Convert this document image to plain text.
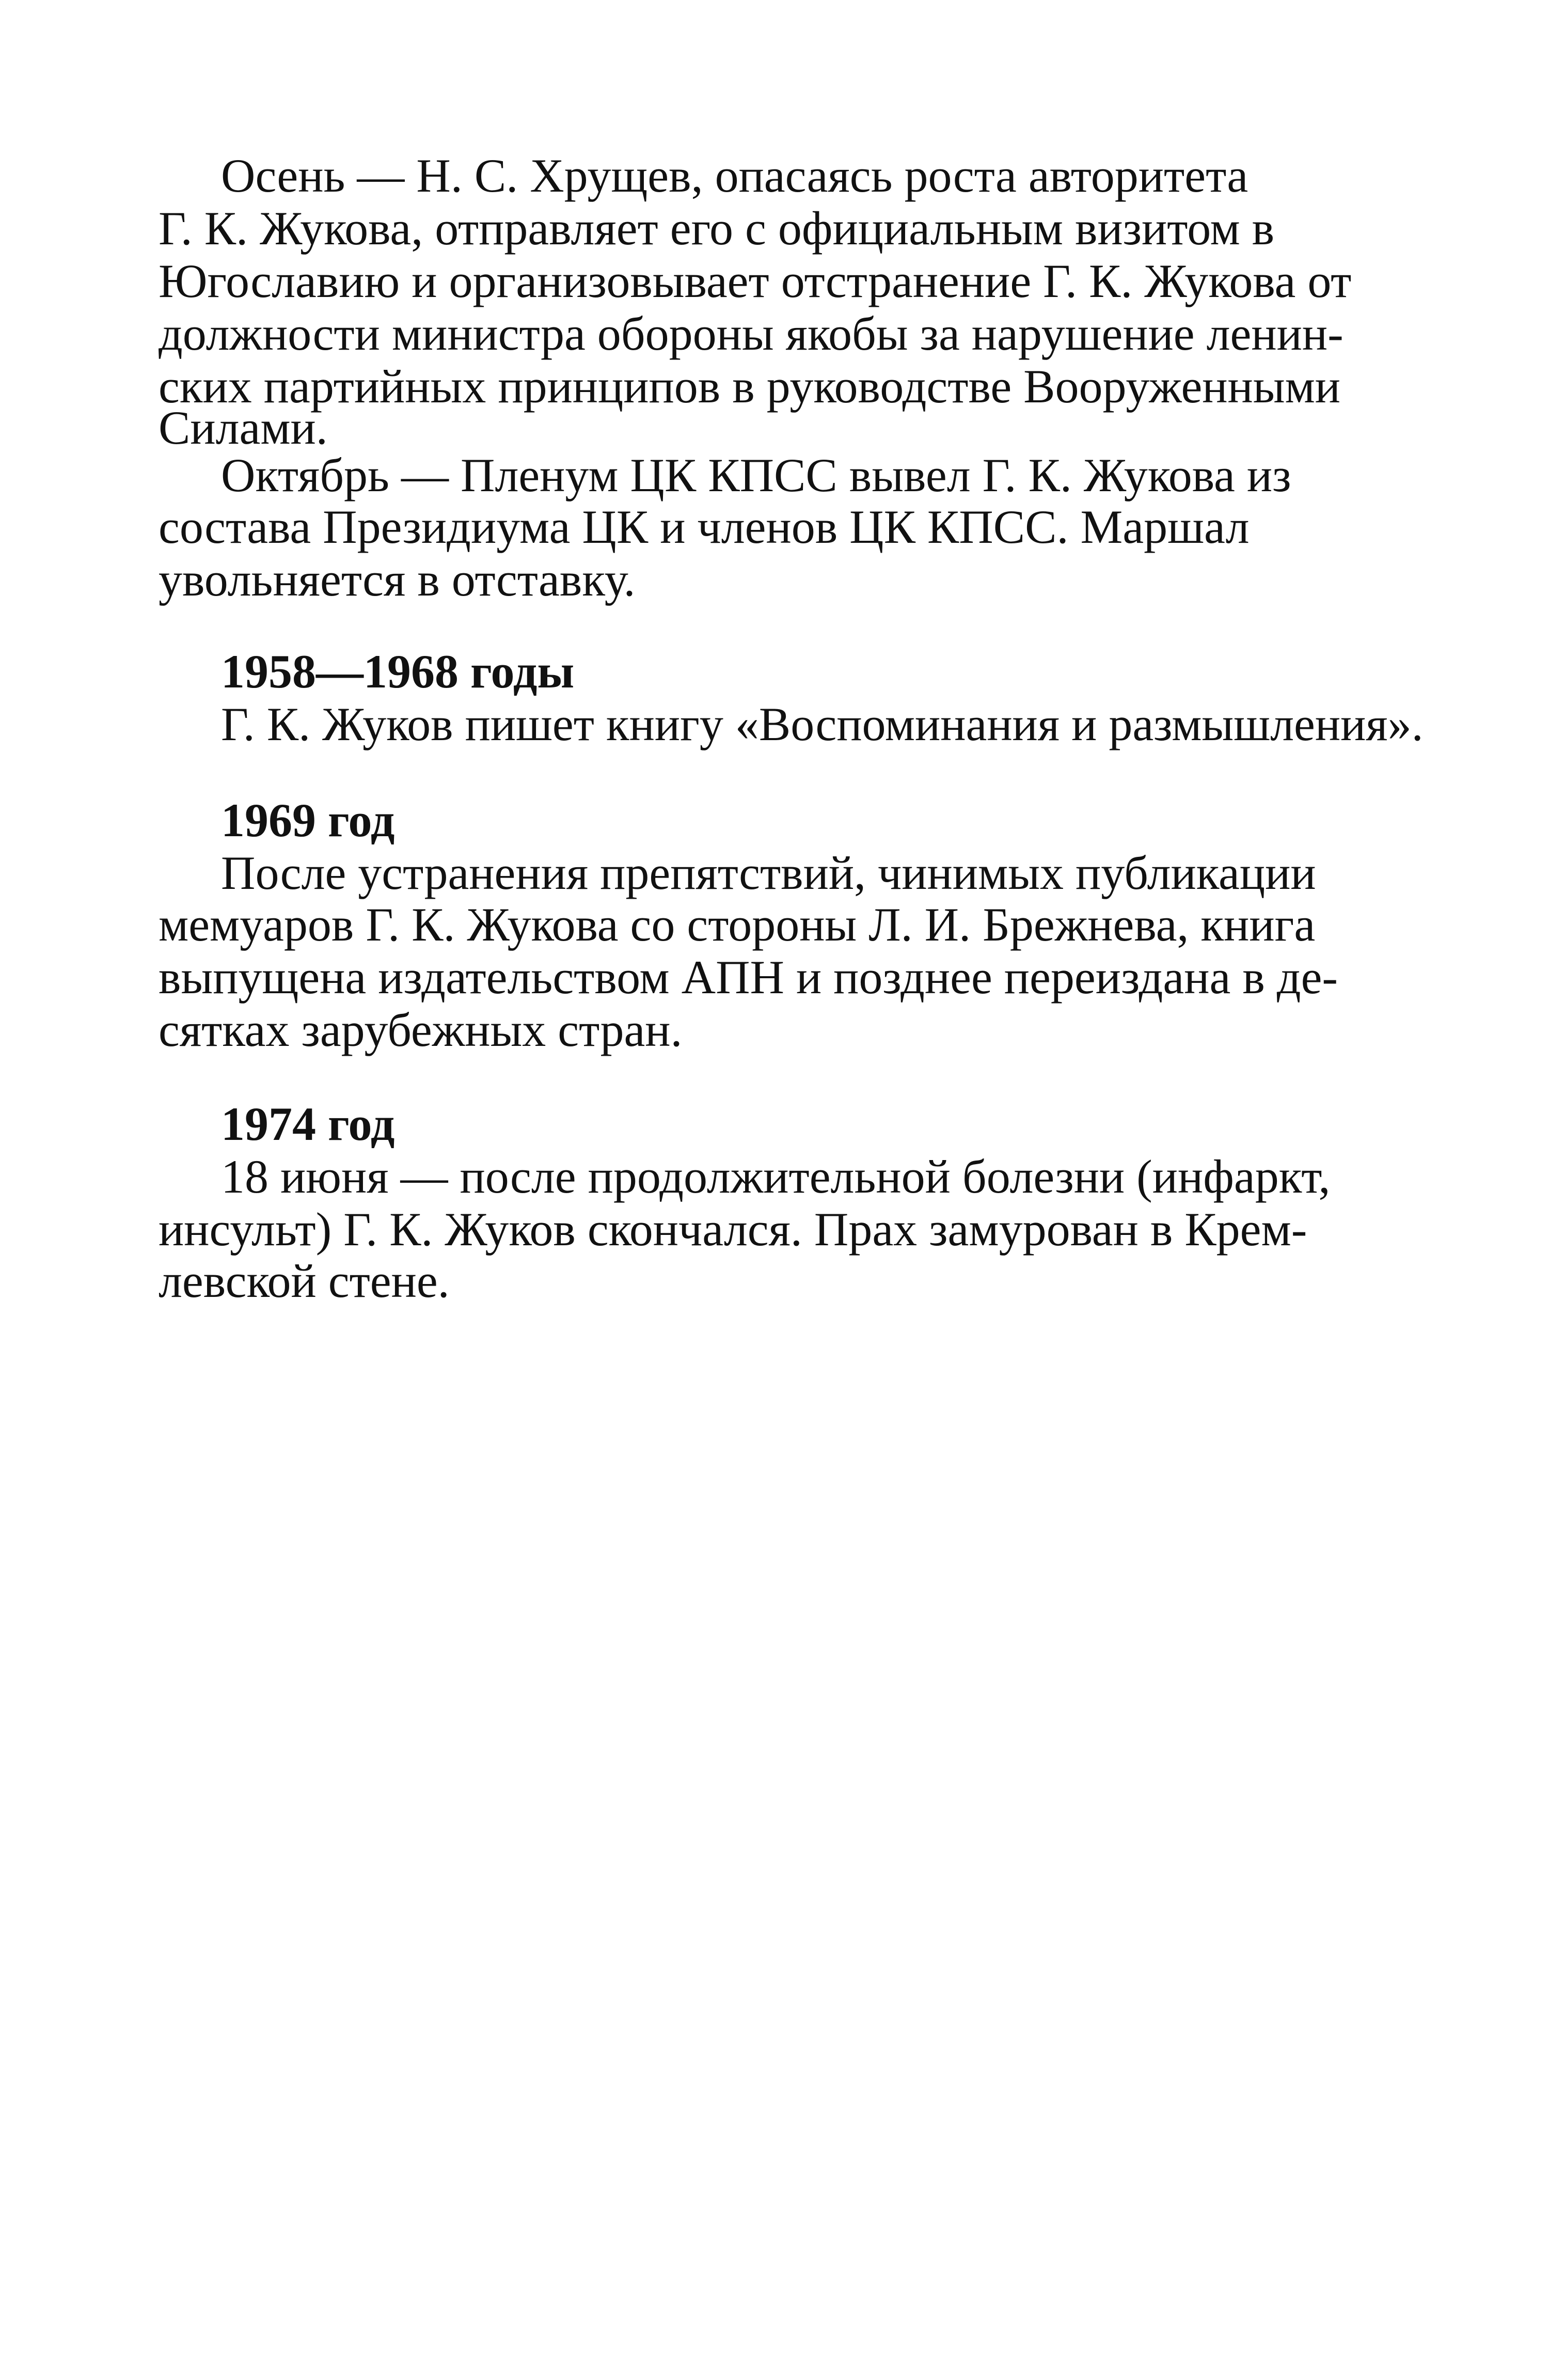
Осень — Н. С. Хрущев, опасаясь роста авторитета
Г. К. Жукова, отправляет его с официальным визитом в
Югославию и организовывает отстранение Г. К. Жукова от
должности министра обороны якобы за нарушение ленин-
ских партийных принципов в руководстве Вооруженными
Силами.
Октябрь — Пленум ЦК КПСС вывел Г. К. Жукова из
состава Президиума ЦК и членов ЦК КПСС. Маршал
увольняется в отставку.
1958—1968 годы
Г. К. Жуков пишет книгу «Воспоминания и размышления».
1969 год
После устранения препятствий, чинимых публикации
мемуаров Г. К. Жукова со стороны Л. И. Брежнева, книга
выпущена издательством АПН и позднее переиздана в де-
сятках зарубежных стран.
1974 год
18 июня — после продолжительной болезни (инфаркт,
инсульт) Г. К. Жуков скончался. Прах замурован в Крем-
левской стене.
